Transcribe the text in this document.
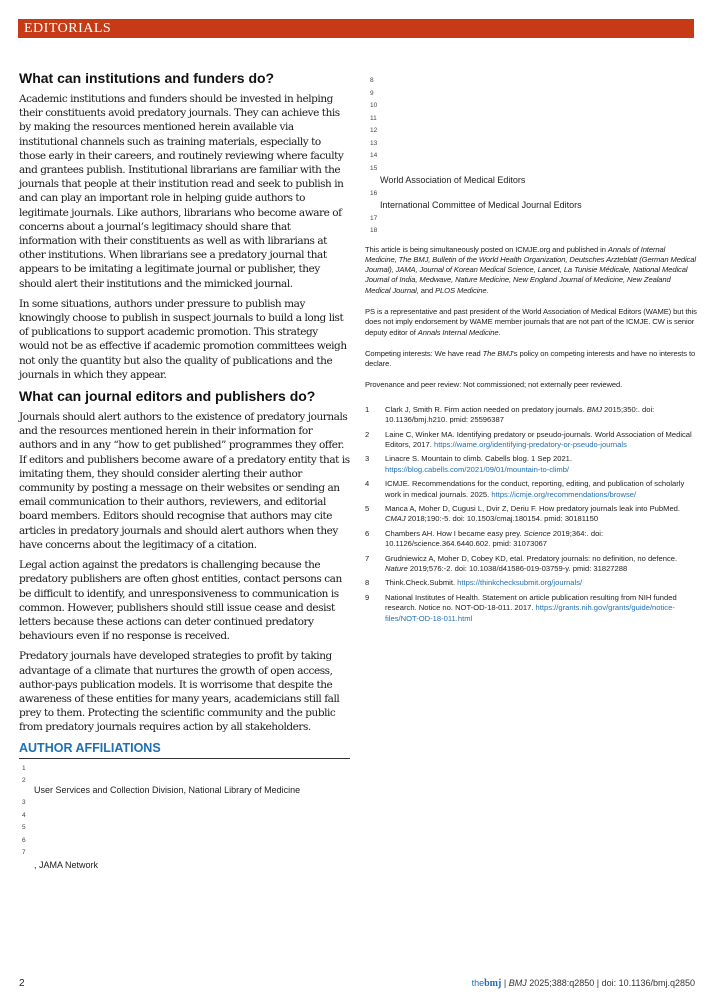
EDITORIALS
What can institutions and funders do?

Academic institutions and funders should be invested in helping their constituents avoid predatory journals. They can achieve this by making the resources mentioned herein available via institutional channels such as training materials, especially to those early in their careers, and routinely reviewing where faculty and grantees publish. Institutional librarians are familiar with the journals that people at their institution read and seek to publish in and can play an important role in helping guide authors to legitimate journals. Like authors, librarians who become aware of concerns about a journal’s legitimacy should share that information with their constituents as well as with librarians at other institutions. When librarians see a predatory journal that appears to be imitating a legitimate journal or publisher, they should alert their institutions and the mimicked journal.

In some situations, authors under pressure to publish may knowingly choose to publish in suspect journals to build a long list of publications to support academic promotion. This strategy would not be as effective if academic promotion committees weigh not only the quantity but also the quality of publications and the journals in which they appear.

What can journal editors and publishers do?

Journals should alert authors to the existence of predatory journals and the resources mentioned herein in their information for authors and in any “how to get published” programmes they offer. If editors and publishers become aware of a predatory entity that is imitating them, they should consider alerting their author community by posting a message on their websites or sending an email communication to their authors, reviewers, and editorial board members. Editors should recognise that authors may cite articles in predatory journals and should alert authors when they have concerns about the legitimacy of a citation.

Legal action against the predators is challenging because the predatory publishers are often ghost entities, contact persons can be difficult to identify, and unresponsiveness to communication is common. However, publishers should still issue cease and desist letters because these actions can deter continued predatory behaviours even if no response is received.

Predatory journals have developed strategies to profit by taking advantage of a climate that nurtures the growth of open access, author-pays publication models. It is worrisome that despite the awareness of these entities for many years, academicians still fall prey to them. Protecting the scientific community and the public from predatory journals requires action by all stakeholders.

AUTHOR AFFILIATIONS
1
2
User Services and Collection Division, National Library of Medicine
3
4
5
6
7
, JAMA Network
8
9
10
11
12
13
14
15
World Association of Medical Editors
16
International Committee of Medical Journal Editors
17
18

This article is being simultaneously posted on ICMJE.org and published in Annals of Internal Medicine, The BMJ, Bulletin of the World Health Organization, Deutsches Arzteblatt (German Medical Journal), JAMA, Journal of Korean Medical Science, Lancet, La Tunisie Médicale, National Medical Journal of India, Medwave, Nature Medicine, New England Journal of Medicine, New Zealand Medical Journal, and PLOS Medicine.

PS is a representative and past president of the World Association of Medical Editors (WAME) but this does not imply endorsement by WAME member journals that are not part of the ICMJE. CW is senior deputy editor of Annals Internal Medicine.

Competing interests: We have read The BMJ’s policy on competing interests and have no interests to declare.

Provenance and peer review: Not commissioned; not externally peer reviewed.

1 Clark J, Smith R. Firm action needed on predatory journals. BMJ 2015;350:. doi: 10.1136/bmj.h210. pmid: 25596387
2 Laine C, Winker MA. Identifying predatory or pseudo-journals. World Association of Medical Editors, 2017. https://wame.org/identifying-predatory-or-pseudo-journals
3 Linacre S. Mountain to climb. Cabells blog. 1 Sep 2021. https://blog.cabells.com/2021/09/01/mountain-to-climb/
4 ICMJE. Recommendations for the conduct, reporting, editing, and publication of scholarly work in medical journals. 2025. https://icmje.org/recommendations/browse/
5 Manca A, Moher D, Cugusi L, Dvir Z, Deriu F. How predatory journals leak into PubMed. CMAJ 2018;190:-5. doi: 10.1503/cmaj.180154. pmid: 30181150
6 Chambers AH. How I became easy prey. Science 2019;364:. doi: 10.1126/science.364.6440.602. pmid: 31073067
7 Grudniewicz A, Moher D, Cobey KD, etal. Predatory journals: no definition, no defence. Nature 2019;576:-2. doi: 10.1038/d41586-019-03759-y. pmid: 31827288
8 Think.Check.Submit. https://thinkchecksubmit.org/journals/
9 National Institutes of Health. Statement on article publication resulting from NIH funded research. Notice no. NOT-OD-18-011. 2017. https://grants.nih.gov/grants/guide/notice-files/NOT-OD-18-011.html
2	thebmj | BMJ 2025;388:q2850 | doi: 10.1136/bmj.q2850
